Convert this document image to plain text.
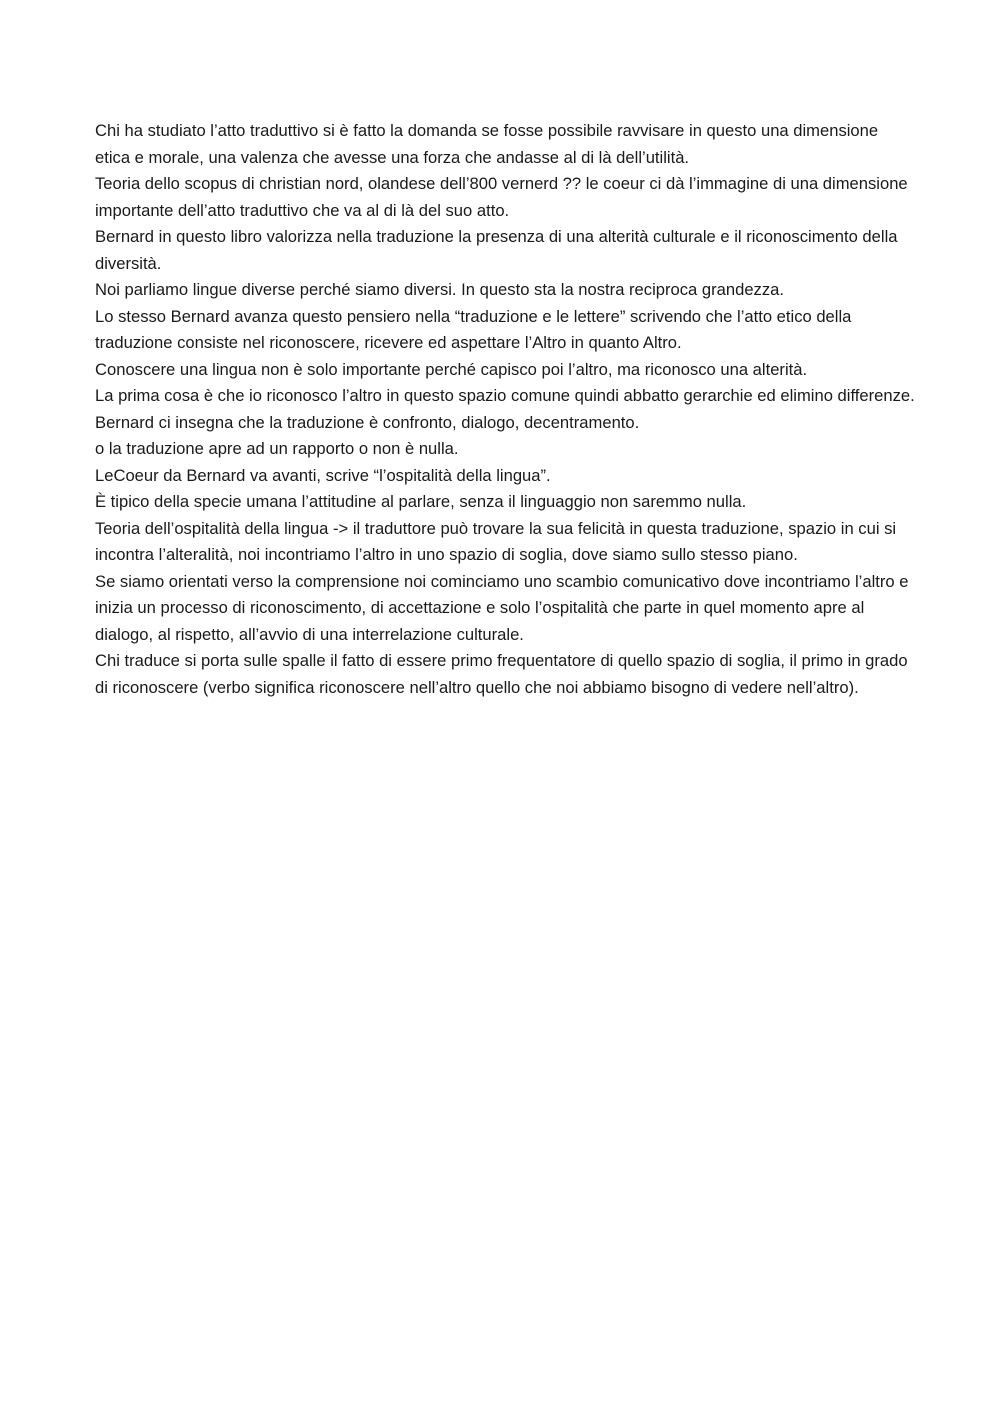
Chi ha studiato l’atto traduttivo si è fatto la domanda se fosse possibile ravvisare in questo una dimensione etica e morale, una valenza che avesse una forza che andasse al di là dell’utilità.

Teoria dello scopus di christian nord, olandese dell’800 vernerd ?? le coeur ci dà l’immagine di una dimensione importante dell’atto traduttivo che va al di là del suo atto.

Bernard in questo libro valorizza nella traduzione la presenza di una alterità culturale e il riconoscimento della diversità.

Noi parliamo lingue diverse perché siamo diversi. In questo sta la nostra reciproca grandezza.

Lo stesso Bernard avanza questo pensiero nella “traduzione e le lettere” scrivendo che l’atto etico della traduzione consiste nel riconoscere, ricevere ed aspettare l’Altro in quanto Altro.

Conoscere una lingua non è solo importante perché capisco poi l’altro, ma riconosco una alterità.

La prima cosa è che io riconosco l’altro in questo spazio comune quindi abbatto gerarchie ed elimino differenze.

Bernard ci insegna che la traduzione è confronto, dialogo, decentramento.

o la traduzione apre ad un rapporto o non è nulla.

LeCoeur da Bernard va avanti, scrive “l’ospitalità della lingua”.

È tipico della specie umana l’attitudine al parlare, senza il linguaggio non saremmo nulla.

Teoria dell’ospitalità della lingua -> il traduttore può trovare la sua felicità in questa traduzione, spazio in cui si incontra l’alteralità, noi incontriamo l’altro in uno spazio di soglia, dove siamo sullo stesso piano.

Se siamo orientati verso la comprensione noi cominciamo uno scambio comunicativo dove incontriamo l’altro e inizia un processo di riconoscimento, di accettazione e solo l’ospitalità che parte in quel momento apre al dialogo, al rispetto, all’avvio di una interrelazione culturale.

Chi traduce si porta sulle spalle il fatto di essere primo frequentatore di quello spazio di soglia, il primo in grado di riconoscere (verbo significa riconoscere nell’altro quello che noi abbiamo bisogno di vedere nell’altro).
